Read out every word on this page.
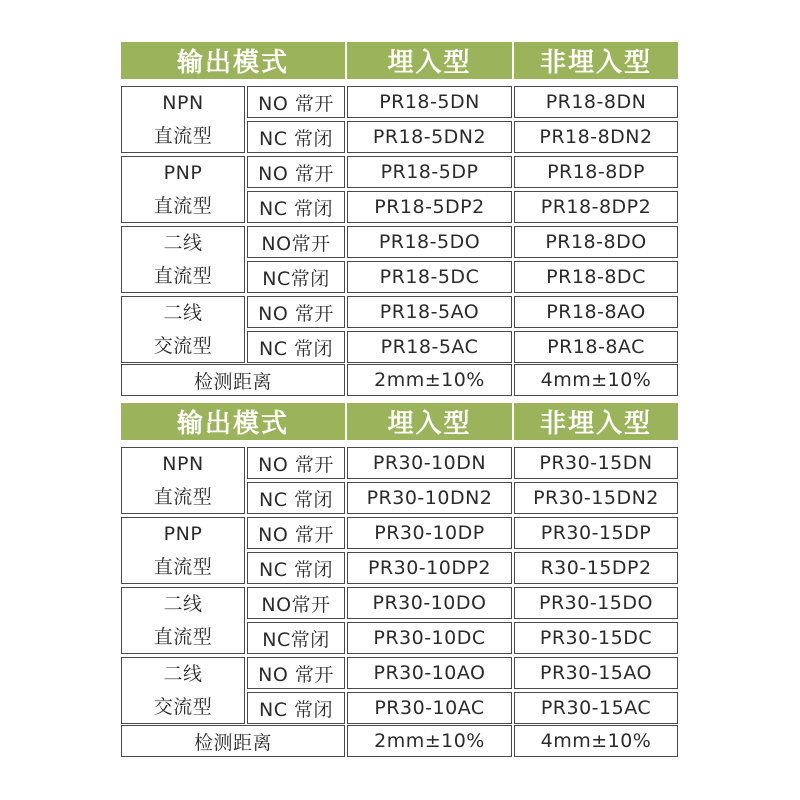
输出模式	埋入型	非埋入型
NPN
直流型
NO 常开	PR18-5DN	PR18-8DN
NC 常闭	PR18-5DN2	PR18-8DN2
PNP
直流型
NO 常开	PR18-5DP	PR18-8DP
NC 常闭	PR18-5DP2	PR18-8DP2
二线
直流型
NO常开	PR18-5DO	PR18-8DO
NC常闭	PR18-5DC	PR18-8DC
二线
交流型
NO 常开	PR18-5AO	PR18-8AO
NC 常闭	PR18-5AC	PR18-8AC
检测距离	2mm±10%	4mm±10%
输出模式	埋入型	非埋入型
NPN
直流型
NO 常开	PR30-10DN	PR30-15DN
NC 常闭	PR30-10DN2	PR30-15DN2
PNP
直流型
NO 常开	PR30-10DP	PR30-15DP
NC 常闭	PR30-10DP2	R30-15DP2
二线
直流型
NO常开	PR30-10DO	PR30-15DO
NC常闭	PR30-10DC	PR30-15DC
二线
交流型
NO 常开	PR30-10AO	PR30-15AO
NC 常闭	PR30-10AC	PR30-15AC
检测距离	2mm±10%	4mm±10%
